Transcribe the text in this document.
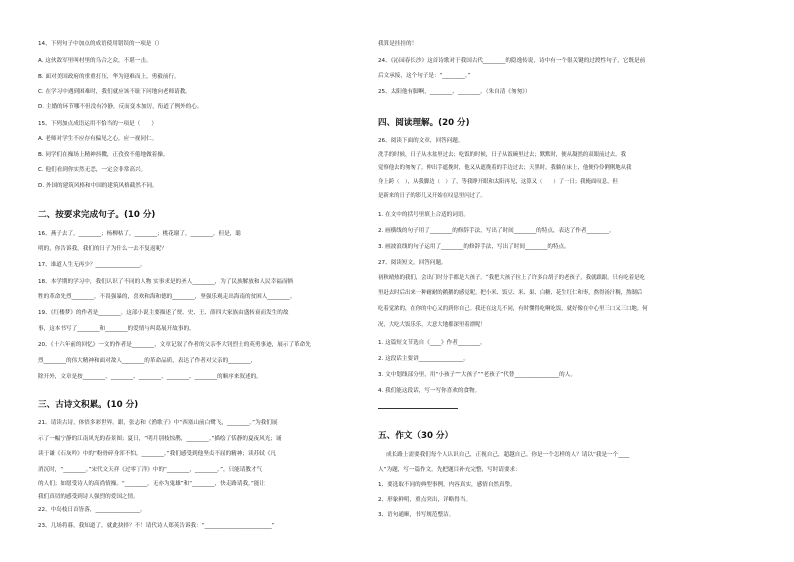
14、下列句子中加点的成语使用错误的一项是（）
A. 这伙敌军里叫村里的乌合之众，不堪一击。
B. 面对美国政府的重重打压，华为迎难而上，勇毅前行。
C. 在学习中遇到困难时，我们就应该不耻下问地向老师请教。
D. 主婚的环节哪不但没有冷静，反而变本加厉，衔道了例外的心。
15、下列加点成语运用不恰当的一项是（　　）
A. 老师对学生不应存有偏见之心，应一视同仁。
B. 同学们在操场上精神抖擞，正孜孜不倦地做着操。
C. 他们看到你实然无恙，一定会非常高兴。
D. 外国的建筑风格和中国的建筑风格截然不同。
二、按要求完成句子。(10 分)
16、燕子去了，________；杨柳枯了，________；桃花谢了，________。但是，聪
明的，你告诉我，我们的日子为什么一去不复返呢？
17、谁道人生无再少？________________。
18、本学期的学习中，我们认识了不同的人物 实事求是的圣人________，为了民族解放和人民幸福而牺
牲的革命先烈________，不畏强暴的，喜欢和海和德的________，坚强乐观走出海南的贫困人________。
19、《红楼梦》的作者是________。这部小说主要描述了贾、史、王、薛四大家族由盛转衰而发生的故
事，这本书写了________和________的爱情与纠葛展开故事的。
20、《十六年前的回忆》一文的作者是________，文章记叙了作者的父亲李大钊烈士的英勇事迹，展示了革命先
烈________的伟大精神和面对敌人________的革命品质，表达了作者对父亲的________，
除开外，文章是按________、________、________、________、________的顺序来叙述的。
三、古诗文积累。(10 分)
21、请读古诗，体悟多彩世界。跟，张志和《渔歌子》中“西塞山前白鹭飞，________。”为我们展
示了一幅宁静的江南风光的春景图；夏日，“明月别枝惊鹊，________。”描绘了恬静的夏夜风光；诵
读于谦《石灰吟》中的“粉骨碎身浑不怕，________。”我们感受到他坚贞不屈的精神；读苏轼《凡
消沉时，“________。”宋代文天祥《过零丁洋》中的“________，________。”，只能请教才气
的人们；如愿受诗人的高尚情操。“________，无亦为鬼雄”和“________，快走路请我。”能让
我们真切的感受到诗人强烈的爱国之情。
22、中岛枝日首皆落，________________。
23、几场将暮，我知道了，就此抉择？不！请代诗人郑英告诉我：“________________________”
我算是挂挂的！
24、《沁园春长沙》这首诗歌对于我国古代________的隐逸传说，诗中有一个很关键的过渡性句子，它既是前
后文承接，这个句子是：“________。”
25、太阳他有脚啊，________、________。（朱自清《匆匆》）
四、阅读理解。(20 分)
26、阅读下面的文章，回答问题。
洗手的时候，日子从水盆里过去；吃饭的时候，日子从饭碗里过去；默默时，便从凝然的双眼前过去。我
觉察他去的匆匆了，伸出手遮挽时，他又从遮挽着的手边过去；天黑时，我躺在床上，他便伶伶俐俐地从我
身上跨（　），从我脚边（　）了，等我睁开眼和太阳再见，这算又（　　）了一日；我掩面叹息，但
是新来的日子的影儿又开始在叹息里闪过了。
1. 在文中的括号里填上合适的词语。
2. 画横线的句子用了________的修辞手法，写出了时间________的特点，表达了作者________。
3. 画波浪线的句子运用了________的修辞手法，写出了时间________的特点。
27、阅读短文，回答问题。
初秋晴热的我们，会出门时分手都是大孩子。“我把大孩子拉上了许多白胡子的老孩子，我就跟跟，只有吃着是吃
里赶去时后出来一种耐耐的鹅鹅的感觉呢。把小米、饭豆、米、果、白糖、花生红仁和枣，熬得汤汁稠，熬制后
吃着觉浓的，在你的中心又的到你自己。我还在这儿不同，有时懂得吃啊吃饭，就好像在中心里三口又三口地。何
况，大吃大饭乐乐，大意大地都深里着漂呢！
1. 这篇短文节选自《____》作者________。
2. 这段话主要讲________________。
3. 文中划线部分里，用“小孩子”“大孩子”“老孩子”代替________________的人。
4. 我们能这段话，写一写你喜欢的食物。
五、作文（30 分）
成长路上需要我们每个人认识自己，正视自己，超越自己。你是一个怎样的人？请以“我是一个____
人”为题，写一篇作文。先把题目补充完整，写时请要求：
1、要选取不同的典型事例，内容真实，感情自然真挚。
2、形象鲜明，重点突出，详略得当。
3、语句通顺，书写规范整洁。
